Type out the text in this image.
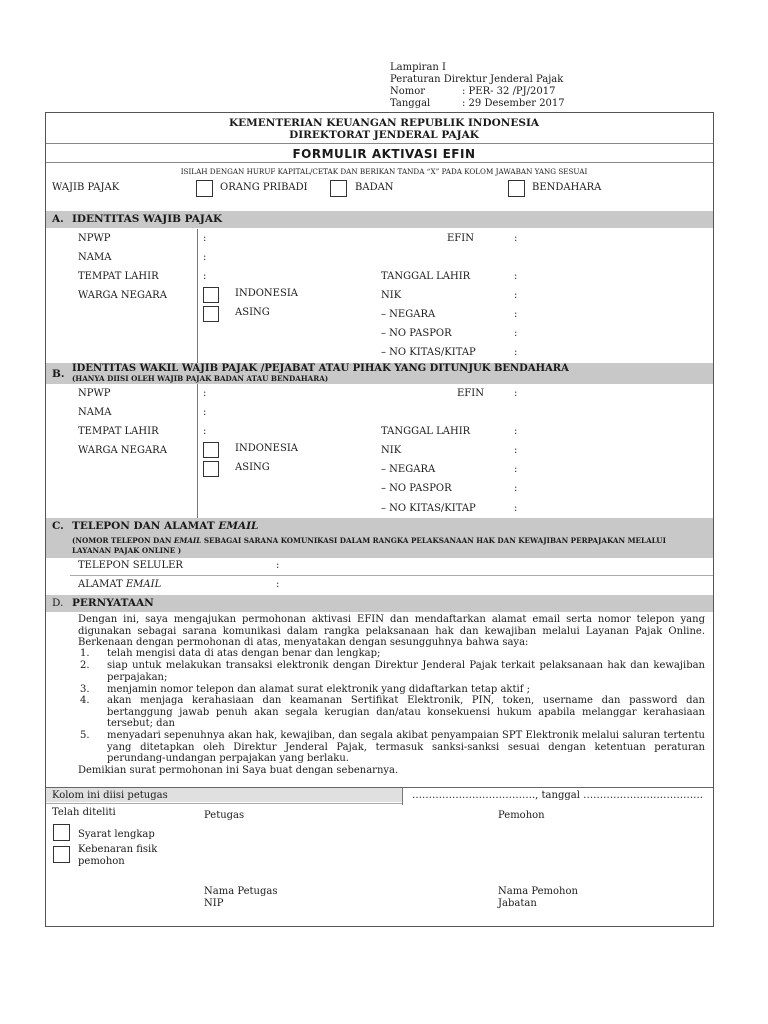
Lampiran I
Peraturan Direktur Jenderal Pajak
Nomor	: PER- 32 /PJ/2017
Tanggal	: 29 Desember 2017
KEMENTERIAN KEUANGAN REPUBLIK INDONESIA
DIREKTORAT JENDERAL PAJAK
FORMULIR AKTIVASI EFIN
ISILAH DENGAN HURUF KAPITAL/CETAK DAN BERIKAN TANDA “X” PADA KOLOM JAWABAN YANG SESUAI
WAJIB PAJAK	ORANG PRIBADI	BADAN	BENDAHARA
A. IDENTITAS WAJIB PAJAK
NPWP	:	EFIN	:
NAMA	:
TEMPAT LAHIR	:	TANGGAL LAHIR	:
WARGA NEGARA	INDONESIA	NIK	:
ASING	– NEGARA	:
– NO PASPOR	:
– NO KITAS/KITAP	:
B. IDENTITAS WAKIL WAJIB PAJAK /PEJABAT ATAU PIHAK YANG DITUNJUK BENDAHARA
(HANYA DIISI OLEH WAJIB PAJAK BADAN ATAU BENDAHARA)
NPWP	:	EFIN	:
NAMA	:
TEMPAT LAHIR	:	TANGGAL LAHIR	:
WARGA NEGARA	INDONESIA	NIK	:
ASING	– NEGARA	:
– NO PASPOR	:
– NO KITAS/KITAP	:
C. TELEPON DAN ALAMAT EMAIL
(NOMOR TELEPON DAN EMAIL SEBAGAI SARANA KOMUNIKASI DALAM RANGKA PELAKSANAAN HAK DAN KEWAJIBAN PERPAJAKAN MELALUI
LAYANAN PAJAK ONLINE )
TELEPON SELULER	:
ALAMAT EMAIL	:
D. PERNYATAAN
Dengan ini, saya mengajukan permohonan aktivasi EFIN dan mendaftarkan alamat email serta nomor telepon yang digunakan sebagai sarana komunikasi dalam rangka pelaksanaan hak dan kewajiban melalui Layanan Pajak Online. Berkenaan dengan permohonan di atas, menyatakan dengan sesungguhnya bahwa saya:
1. telah mengisi data di atas dengan benar dan lengkap;
2. siap untuk melakukan transaksi elektronik dengan Direktur Jenderal Pajak terkait pelaksanaan hak dan kewajiban perpajakan;
3. menjamin nomor telepon dan alamat surat elektronik yang didaftarkan tetap aktif ;
4. akan menjaga kerahasiaan dan keamanan Sertifikat Elektronik, PIN, token, username dan password dan bertanggung jawab penuh akan segala kerugian dan/atau konsekuensi hukum apabila melanggar kerahasiaan tersebut; dan
5. menyadari sepenuhnya akan hak, kewajiban, dan segala akibat penyampaian SPT Elektronik melalui saluran tertentu yang ditetapkan oleh Direktur Jenderal Pajak, termasuk sanksi-sanksi sesuai dengan ketentuan peraturan perundang-undangan perpajakan yang berlaku.
Demikian surat permohonan ini Saya buat dengan sebenarnya.
Kolom ini diisi petugas	………………………………., tanggal ………………………………
Telah diteliti	Petugas	Pemohon
Syarat lengkap
Kebenaran fisik
pemohon
Nama Petugas
NIP
Nama Pemohon
Jabatan
